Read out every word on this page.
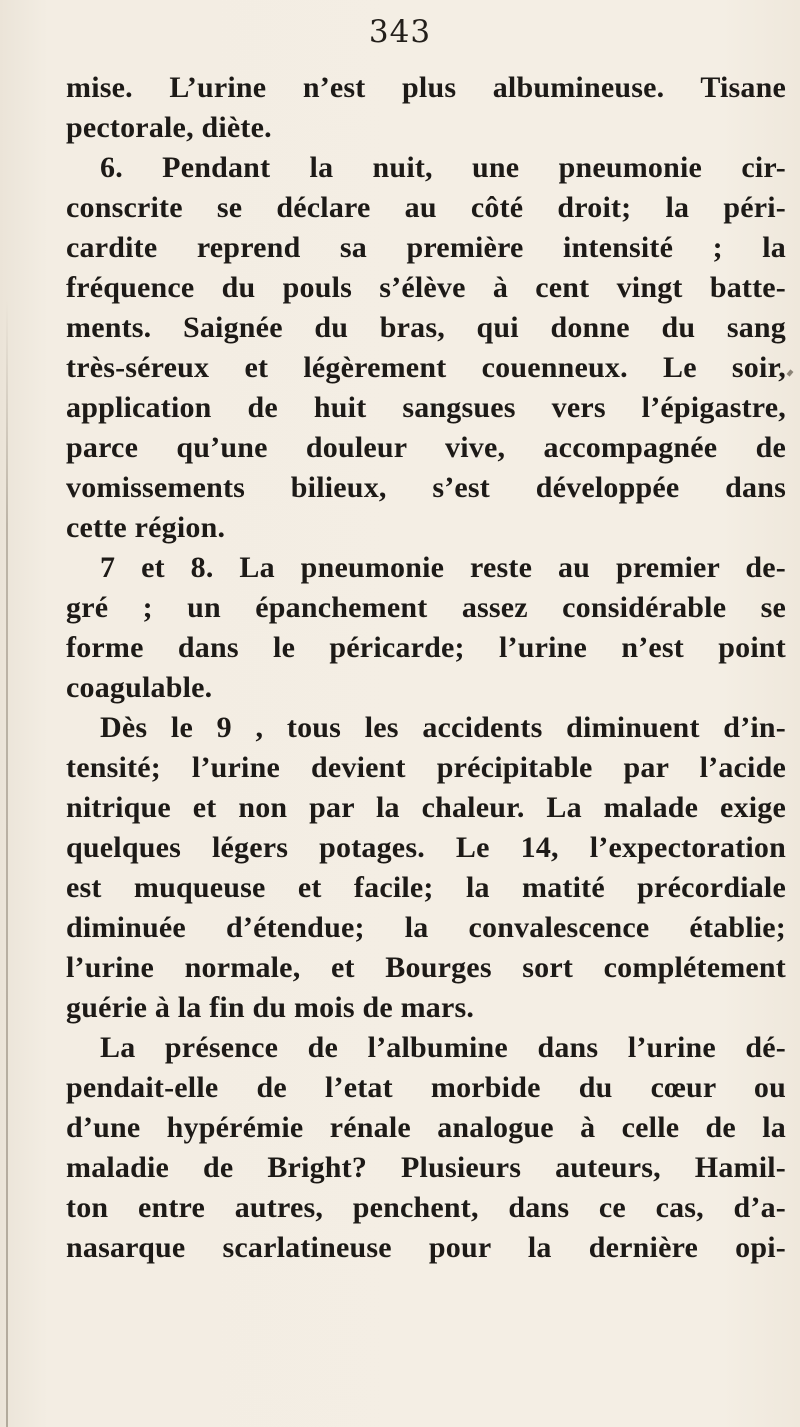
343
mise. L’urine n’est plus albumineuse. Tisane
pectorale, diète.
6. Pendant la nuit, une pneumonie cir-
conscrite se déclare au côté droit; la péri-
cardite reprend sa première intensité ; la
fréquence du pouls s’élève à cent vingt batte-
ments. Saignée du bras, qui donne du sang
très-séreux et légèrement couenneux. Le soir,
application de huit sangsues vers l’épigastre,
parce qu’une douleur vive, accompagnée de
vomissements bilieux, s’est développée dans
cette région.
7 et 8. La pneumonie reste au premier de-
gré ; un épanchement assez considérable se
forme dans le péricarde; l’urine n’est point
coagulable.
Dès le 9 , tous les accidents diminuent d’in-
tensité; l’urine devient précipitable par l’acide
nitrique et non par la chaleur. La malade exige
quelques légers potages. Le 14, l’expectoration
est muqueuse et facile; la matité précordiale
diminuée d’étendue; la convalescence établie;
l’urine normale, et Bourges sort complétement
guérie à la fin du mois de mars.
La présence de l’albumine dans l’urine dé-
pendait-elle de l’etat morbide du cœur ou
d’une hypérémie rénale analogue à celle de la
maladie de Bright? Plusieurs auteurs, Hamil-
ton entre autres, penchent, dans ce cas, d’a-
nasarque scarlatineuse pour la dernière opi-
